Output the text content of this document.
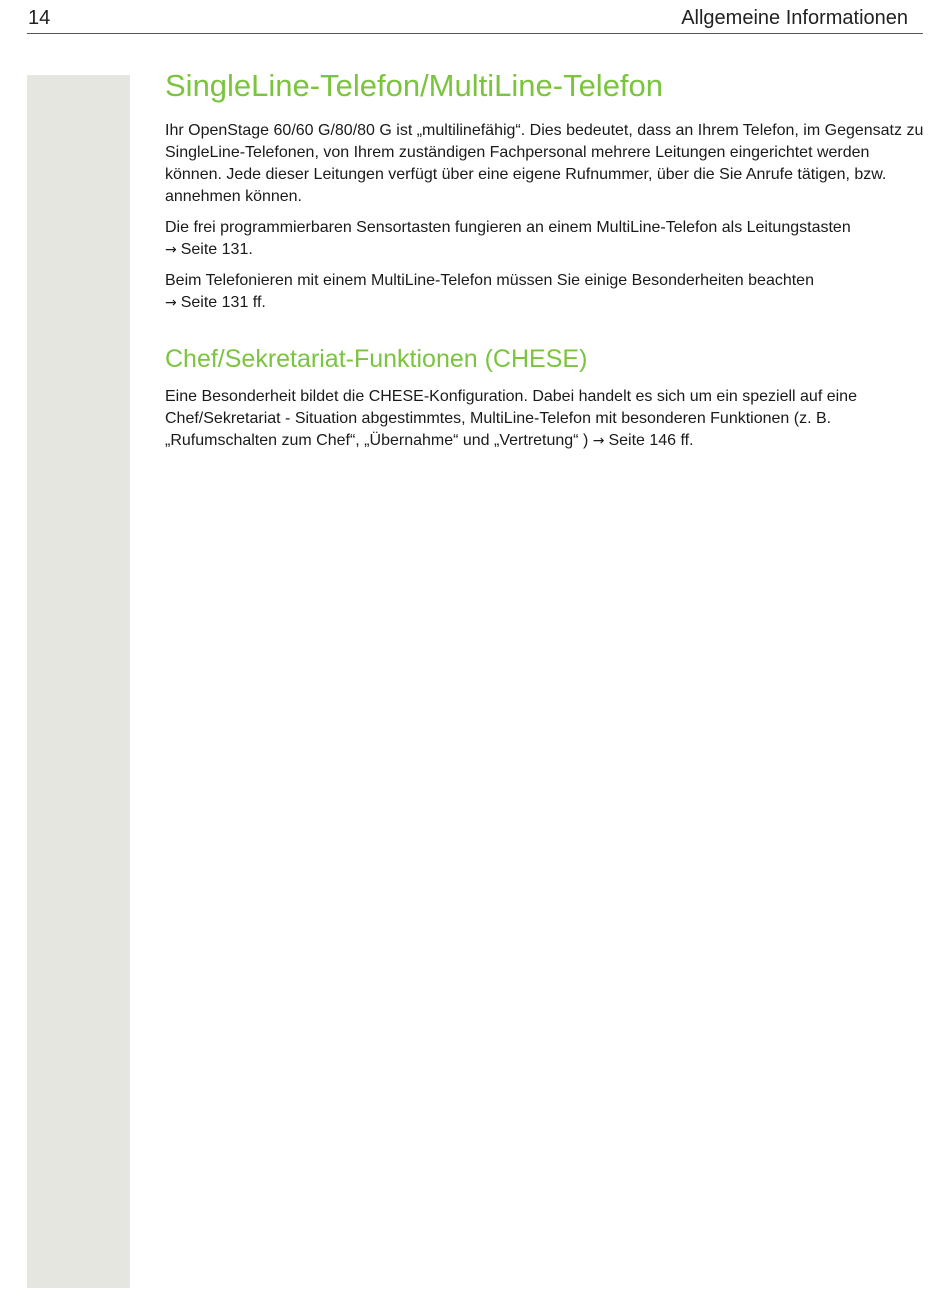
14	Allgemeine Informationen
SingleLine-Telefon/MultiLine-Telefon

Ihr OpenStage 60/60 G/80/80 G ist „multilinefähig“. Dies bedeutet, dass an Ihrem Telefon, im Gegensatz zu SingleLine-Telefonen, von Ihrem zuständigen Fachpersonal mehrere Leitungen eingerichtet werden können. Jede dieser Leitungen verfügt über eine eigene Rufnummer, über die Sie Anrufe tätigen, bzw. annehmen können.

Die frei programmierbaren Sensortasten fungieren an einem MultiLine-Telefon als Leitungstasten
→ Seite 131.

Beim Telefonieren mit einem MultiLine-Telefon müssen Sie einige Besonderheiten beachten
→ Seite 131 ff.

Chef/Sekretariat-Funktionen (CHESE)

Eine Besonderheit bildet die CHESE-Konfiguration. Dabei handelt es sich um ein speziell auf eine Chef/Sekretariat - Situation abgestimmtes, MultiLine-Telefon mit besonderen Funktionen (z. B. „Rufumschalten zum Chef“, „Übernahme“ und „Vertretung“ ) → Seite 146 ff.
